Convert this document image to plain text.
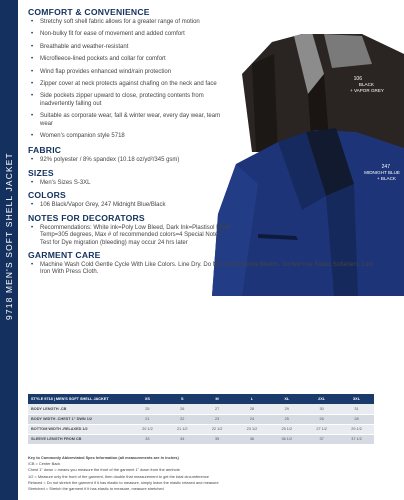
9718 MEN'S SOFT SHELL JACKET
106
BLACK
+ VAPOR GREY
247
MIDNIGHT BLUE
+ BLACK
COMFORT & CONVENIENCE
• Stretchy soft shell fabric allows for a greater range of motion
• Non-bulky fit for ease of movement and added comfort
• Breathable and weather-resistant
• Microfleece-lined pockets and collar for comfort
• Wind flap provides enhanced wind/rain protection
• Zipper cover at neck protects against chafing on the neck and face
• Side pockets zipper upward to close, protecting contents from inadvertently falling out
• Suitable as corporate wear, fall & winter wear, every day wear, team wear
• Women's companion style 5718
FABRIC
• 92% polyester / 8% spandex (10.18 oz/yd²/345 gsm)
SIZES
• Men's Sizes S-3XL
COLORS
• 106 Black/Vapor Grey, 247 Midnight Blue/Black
NOTES FOR DECORATORS
• Recommendations: White ink=Poly Low Bleed, Dark Ink=Plastisol Dryer Temp=305 degrees, Max # of recommended colors=4 Special Notes: Test for Dye migration (bleeding) may occur 24 hrs later
GARMENT CARE
• Machine Wash Cold Gentle Cycle With Like Colors. Line Dry. Do Not Use Chlorine Bleach. Do Not Use Fabric Softeners. Low Iron With Press Cloth.
STYLE 9718 | MEN'S SOFT SHELL JACKET	XS	S	M	L	XL	2XL	3XL
BODY LENGTH -CB	25	26	27	28	29	30	31
BODY WIDTH -CHEST 1" DWN 1/2	21	22	23	24	25	26	28
BOTTOM WIDTH -RELAXED 1/2	20 1/2	21 1/2	22 1/2	23 1/2	25 1/2	27 1/2	29 1/2
SLEEVE LENGTH FROM CB	33	34	35	36	36 1/2	37	37 1/2
Key to Commonly Abbreviated Spec Information (all measurements are in inches)
/CB = Center Back
Chest 1" down = means you measure the front of the garment 1" down from the armhole
1/2 = Measure only the front of the garment, then double that measurement to get the total circumference
Relaxed = Do not stretch the garment if it has elastic to measure, simply leave the elastic relaxed and measure
Stretched = Stretch the garment if it has elastic to measure, measure stretched
